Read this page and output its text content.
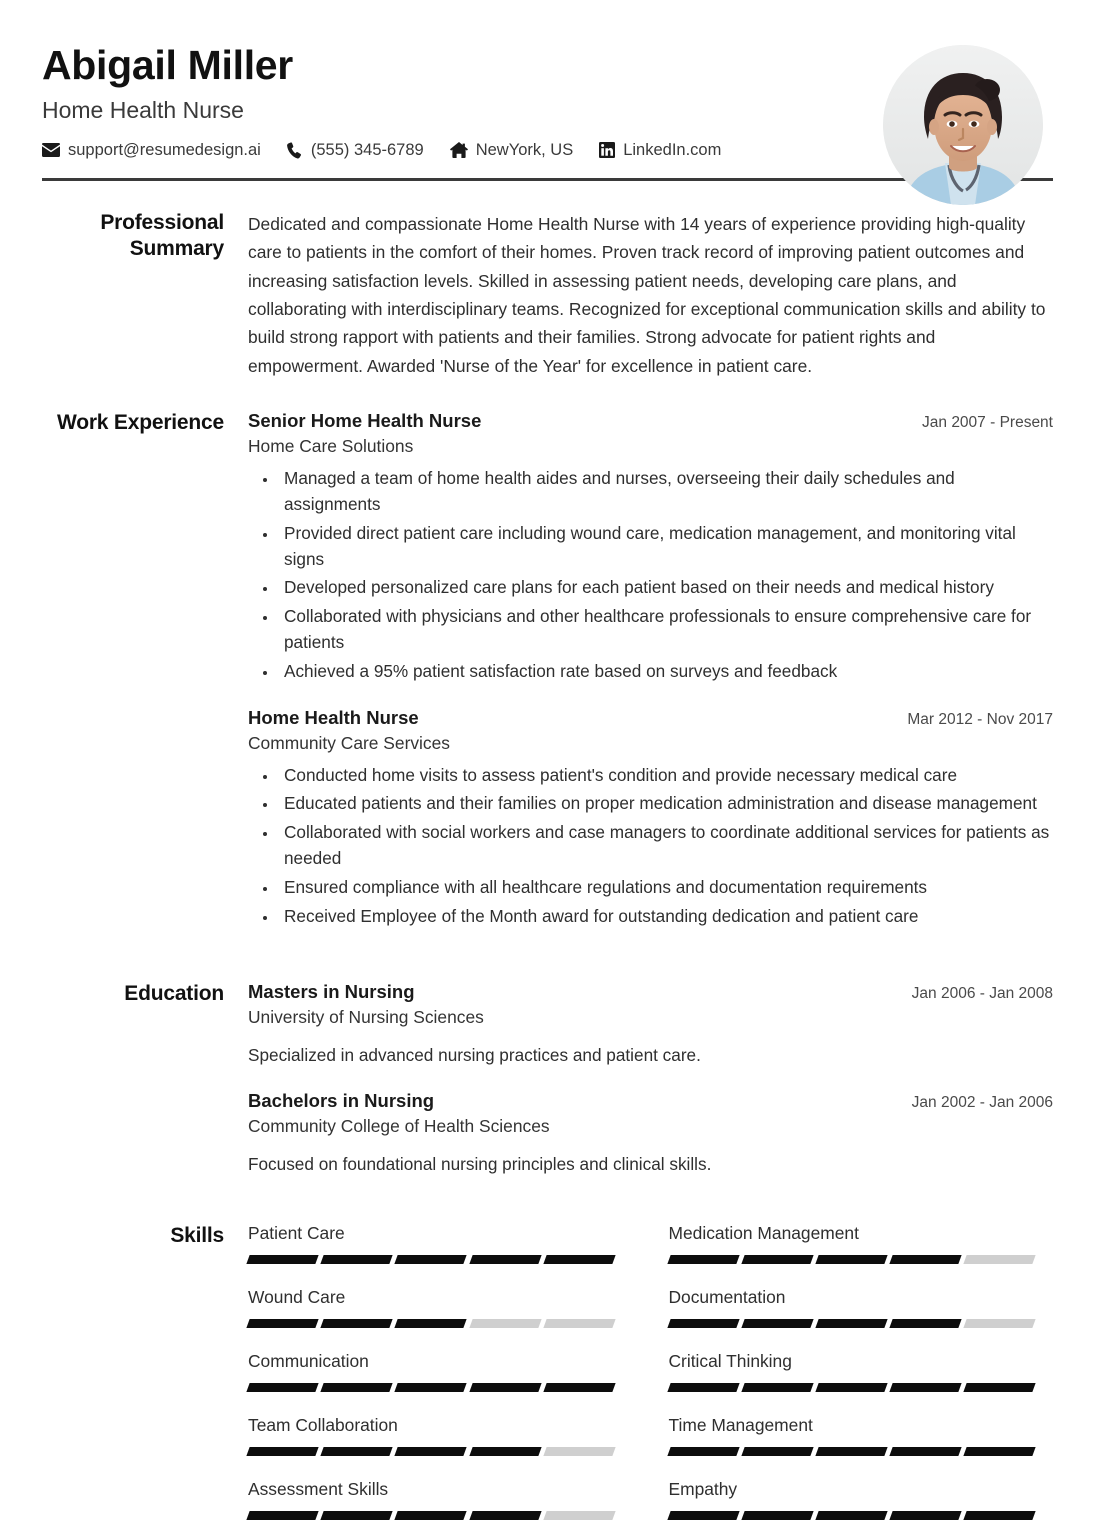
Abigail Miller
Home Health Nurse
support@resumedesign.ai	(555) 345-6789	NewYork, US	LinkedIn.com
Professional Summary
Dedicated and compassionate Home Health Nurse with 14 years of experience providing high-quality care to patients in the comfort of their homes. Proven track record of improving patient outcomes and increasing satisfaction levels. Skilled in assessing patient needs, developing care plans, and collaborating with interdisciplinary teams. Recognized for exceptional communication skills and ability to build strong rapport with patients and their families. Strong advocate for patient rights and empowerment. Awarded 'Nurse of the Year' for excellence in patient care.
Work Experience	Senior Home Health Nurse	Jan 2007 - Present
Home Care Solutions
• Managed a team of home health aides and nurses, overseeing their daily schedules and assignments
• Provided direct patient care including wound care, medication management, and monitoring vital signs
• Developed personalized care plans for each patient based on their needs and medical history
• Collaborated with physicians and other healthcare professionals to ensure comprehensive care for patients
• Achieved a 95% patient satisfaction rate based on surveys and feedback
Home Health Nurse	Mar 2012 - Nov 2017
Community Care Services
• Conducted home visits to assess patient's condition and provide necessary medical care
• Educated patients and their families on proper medication administration and disease management
• Collaborated with social workers and case managers to coordinate additional services for patients as needed
• Ensured compliance with all healthcare regulations and documentation requirements
• Received Employee of the Month award for outstanding dedication and patient care
Education	Masters in Nursing	Jan 2006 - Jan 2008
University of Nursing Sciences
Specialized in advanced nursing practices and patient care.
Bachelors in Nursing	Jan 2002 - Jan 2006
Community College of Health Sciences
Focused on foundational nursing principles and clinical skills.
Skills	Patient Care	Medication Management
Wound Care	Documentation
Communication	Critical Thinking
Team Collaboration	Time Management
Assessment Skills	Empathy
